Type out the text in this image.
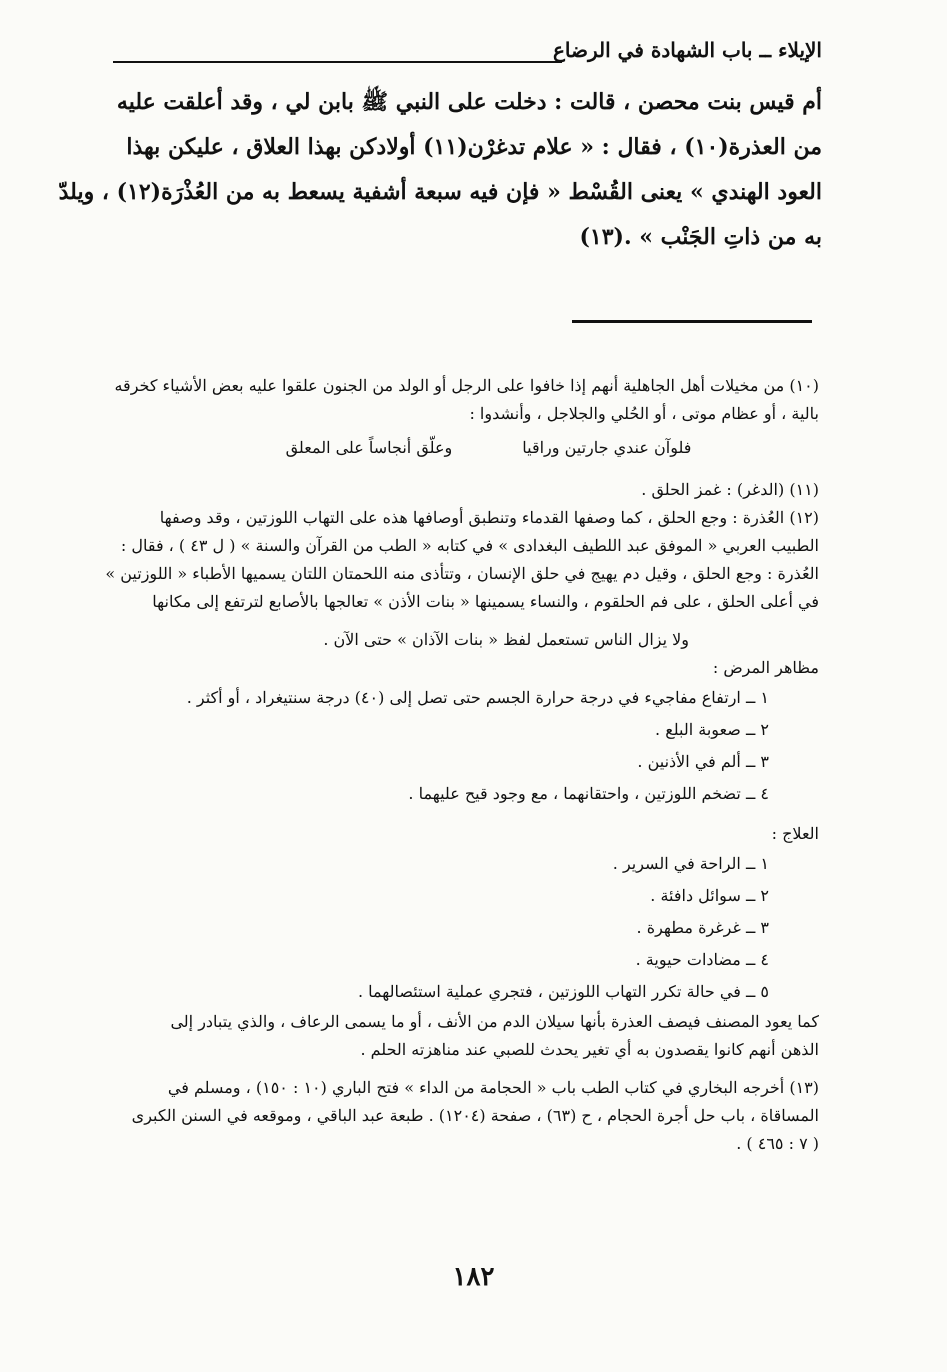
الإيلاء ــ باب الشهادة في الرضاع

أم قيس بنت محصن ، قالت : دخلت على النبي ﷺ بابن لي ، وقد أعلقت عليه

من العذرة(١٠) ، فقال : « علام تدغرْن(١١) أولادكن بهذا العلاق ، عليكن بهذا

العود الهندي » يعنى القُسْط « فإن فيه سبعة أشفية يسعط به من العُذْرَة(١٢) ، ويلدّ

به من ذاتِ الجَنْب » .(١٣)

(١٠) من مخيلات أهل الجاهلية أنهم إذا خافوا على الرجل أو الولد من الجنون علقوا عليه بعض الأشياء كخرقه

بالية ، أو عظام موتى ، أو الحُلي والجلاجل ، وأنشدوا :

فلوآن عندي جارتين وراقيا
وعلّق أنجاساً على المعلق

(١١) (الدغر) : غمز الحلق .

(١٢) العُذرة : وجع الحلق ، كما وصفها القدماء وتنطبق أوصافها هذه على التهاب اللوزتين ، وقد وصفها

الطبيب العربي « الموفق عبد اللطيف البغدادى » في كتابه « الطب من القرآن والسنة » ( ل ٤٣ ) ، فقال :

العُذرة : وجع الحلق ، وقيل دم يهيج في حلق الإنسان ، وتتأذى منه اللحمتان اللتان يسميها الأطباء « اللوزتين »

في أعلى الحلق ، على فم الحلقوم ، والنساء يسمينها « بنات الأذن » تعالجها بالأصابع لترتفع إلى مكانها

ولا يزال الناس تستعمل لفظ « بنات الآذان » حتى الآن .

مظاهر المرض :

١ ــ ارتفاع مفاجيء في درجة حرارة الجسم حتى تصل إلى (٤٠) درجة سنتيغراد ، أو أكثر .

٢ ــ صعوبة البلع .

٣ ــ ألم في الأذنين .

٤ ــ تضخم اللوزتين ، واحتقانهما ، مع وجود قيح عليهما .

العلاج :

١ ــ الراحة في السرير .

٢ ــ سوائل دافئة .

٣ ــ غرغرة مطهرة .

٤ ــ مضادات حيوية .

٥ ــ في حالة تكرر التهاب اللوزتين ، فتجري عملية استئصالهما .

كما يعود المصنف فيصف العذرة بأنها سيلان الدم من الأنف ، أو ما يسمى الرعاف ، والذي يتبادر إلى

الذهن أنهم كانوا يقصدون به أي تغير يحدث للصبي عند مناهزته الحلم .

(١٣) أخرجه البخاري في كتاب الطب باب « الحجامة من الداء » فتح الباري (١٠ : ١٥٠) ، ومسلم في

المساقاة ، باب حل أجرة الحجام ، ح (٦٣) ، صفحة (١٢٠٤) . طبعة عبد الباقي ، وموقعه في السنن الكبرى

( ٧ : ٤٦٥ ) .

١٨٢
